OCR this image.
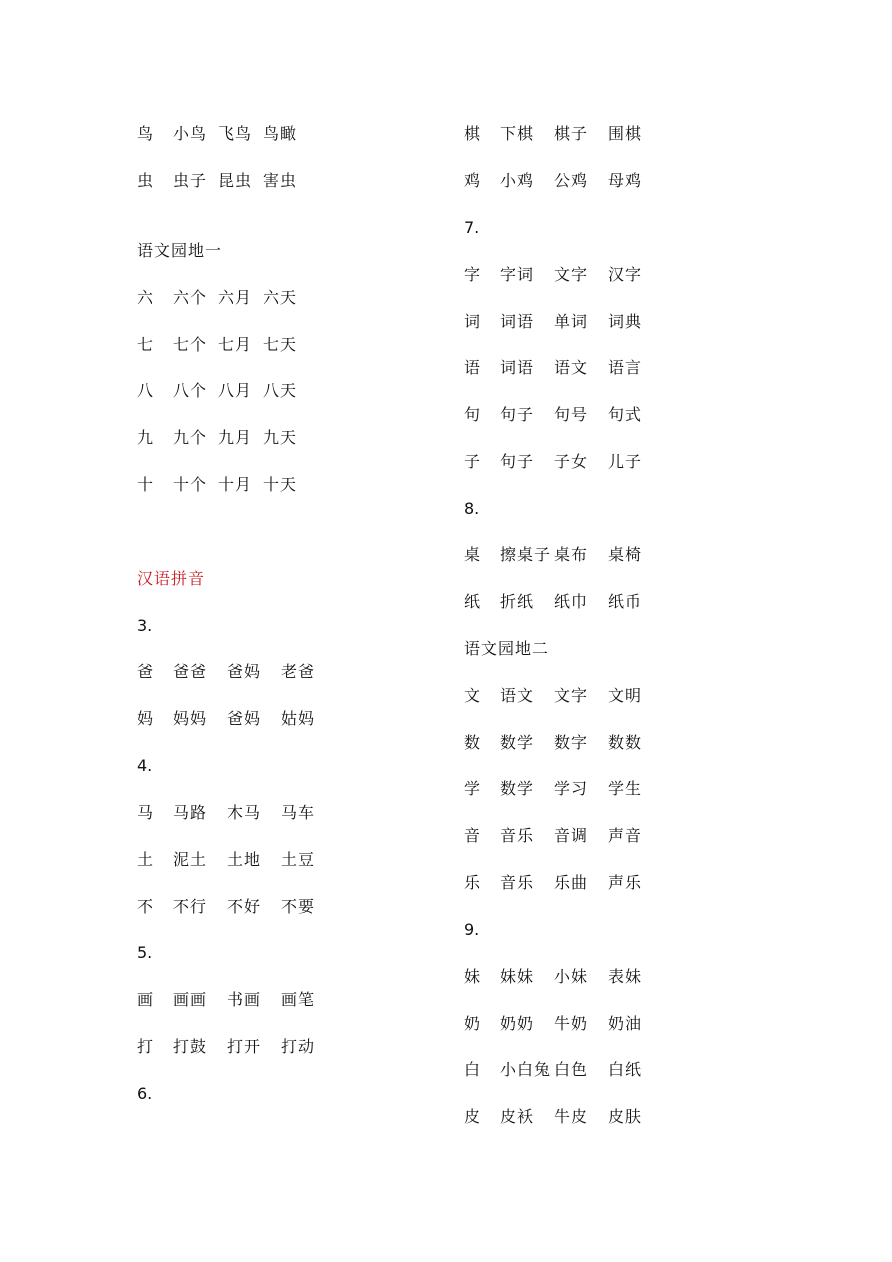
鸟 小鸟 飞鸟 鸟瞰
虫 虫子 昆虫 害虫
语文园地一
六 六个 六月 六天
七 七个 七月 七天
八 八个 八月 八天
九 九个 九月 九天
十 十个 十月 十天
汉语拼音
3.
爸 爸爸 爸妈 老爸
妈 妈妈 爸妈 姑妈
4.
马 马路 木马 马车
土 泥土 土地 土豆
不 不行 不好 不要
5.
画 画画 书画 画笔
打 打鼓 打开 打动
6.
棋 下棋 棋子 围棋
鸡 小鸡 公鸡 母鸡
7.
字 字词 文字 汉字
词 词语 单词 词典
语 词语 语文 语言
句 句子 句号 句式
子 句子 子女 儿子
8.
桌 擦桌子 桌布 桌椅
纸 折纸 纸巾 纸币
语文园地二
文 语文 文字 文明
数 数学 数字 数数
学 数学 学习 学生
音 音乐 音调 声音
乐 音乐 乐曲 声乐
9.
妹 妹妹 小妹 表妹
奶 奶奶 牛奶 奶油
白 小白兔 白色 白纸
皮 皮袄 牛皮 皮肤
